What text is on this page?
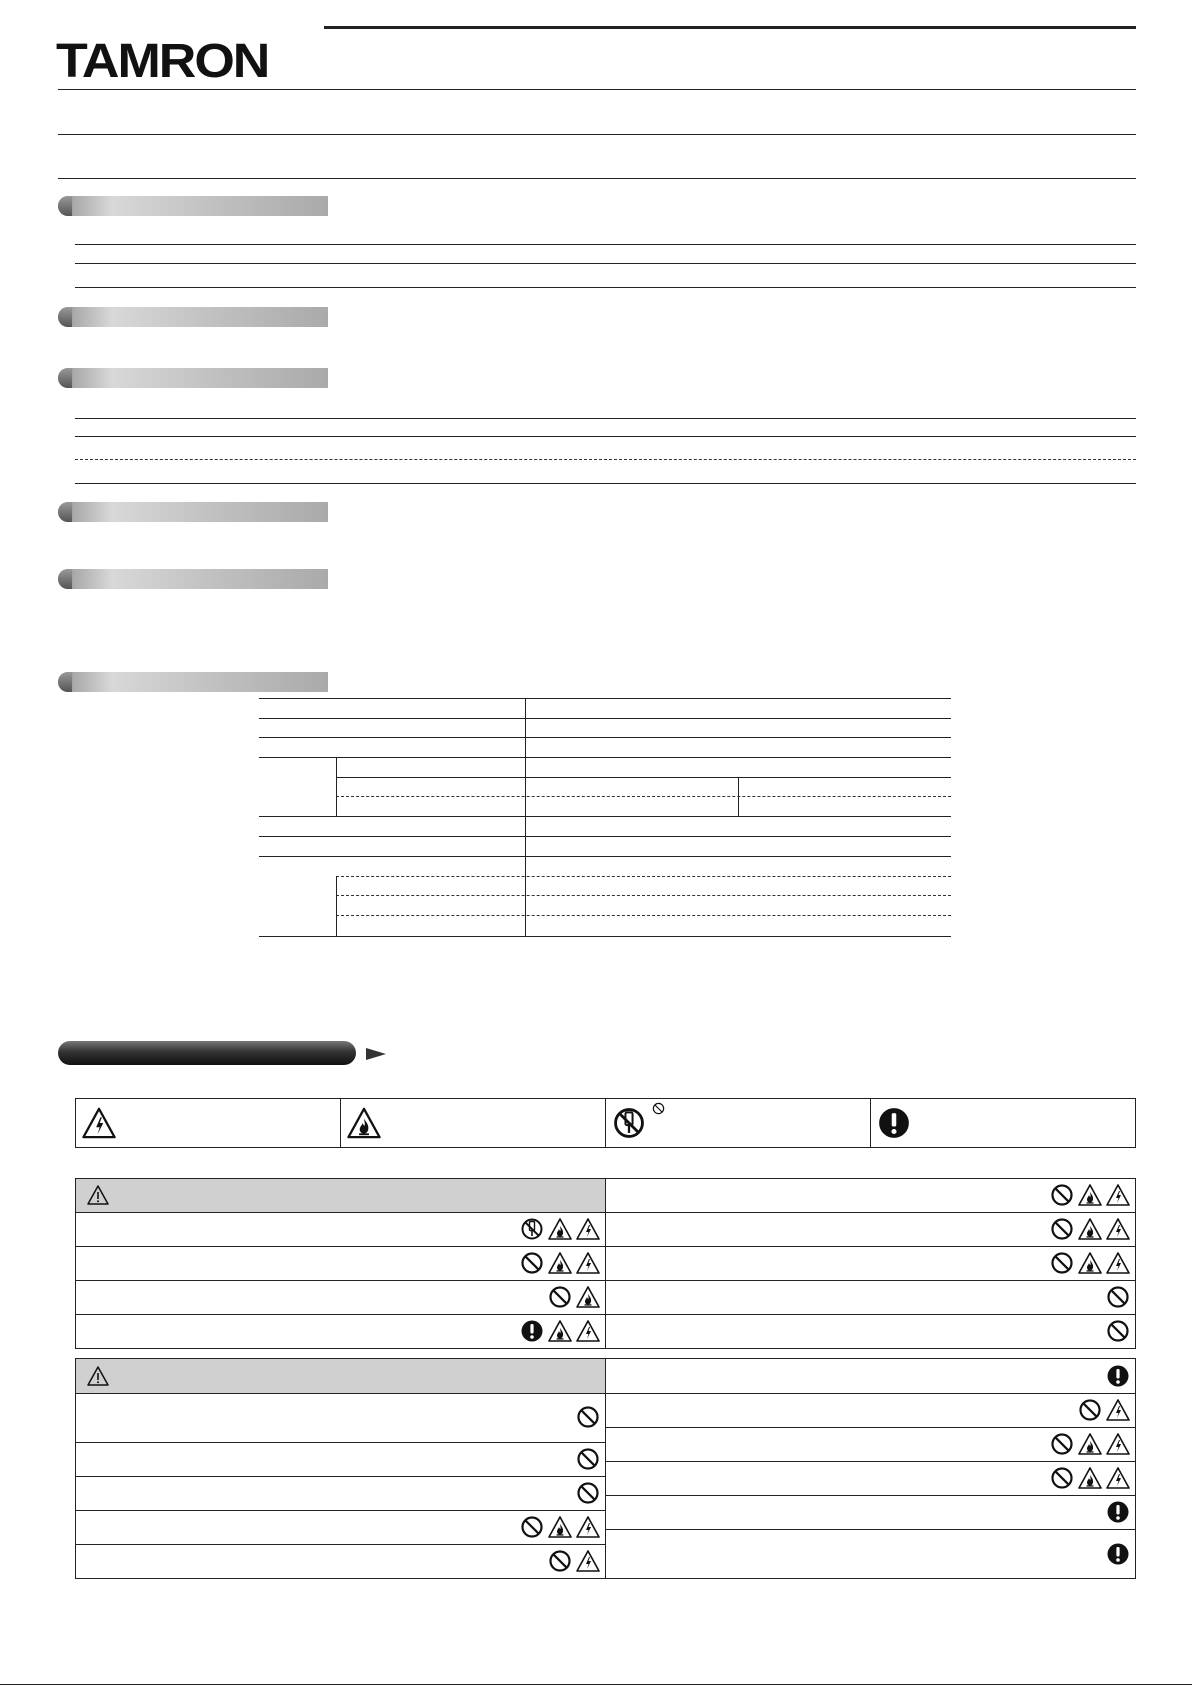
TAMRON
